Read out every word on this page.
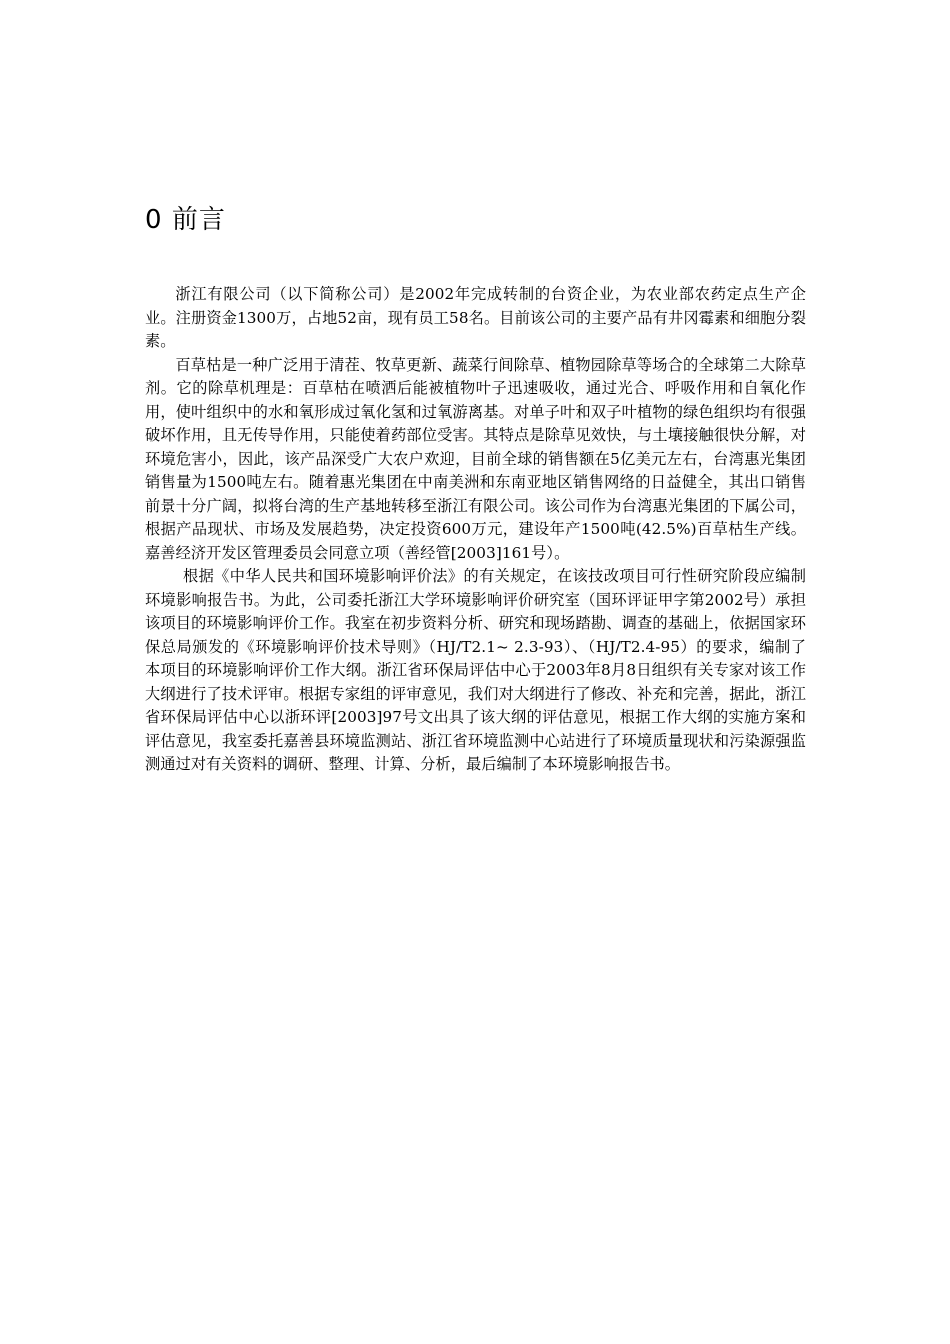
0 前言

浙江有限公司（以下简称公司）是2002年完成转制的台资企业，为农业部农药定点生产企业。注册资金1300万，占地52亩，现有员工58名。目前该公司的主要产品有井冈霉素和细胞分裂素。

百草枯是一种广泛用于清茬、牧草更新、蔬菜行间除草、植物园除草等场合的全球第二大除草剂。它的除草机理是：百草枯在喷洒后能被植物叶子迅速吸收，通过光合、呼吸作用和自氧化作用，使叶组织中的水和氧形成过氧化氢和过氧游离基。对单子叶和双子叶植物的绿色组织均有很强破坏作用，且无传导作用，只能使着药部位受害。其特点是除草见效快，与土壤接触很快分解，对环境危害小，因此，该产品深受广大农户欢迎，目前全球的销售额在5亿美元左右，台湾惠光集团销售量为1500吨左右。随着惠光集团在中南美洲和东南亚地区销售网络的日益健全，其出口销售前景十分广阔，拟将台湾的生产基地转移至浙江有限公司。该公司作为台湾惠光集团的下属公司，根据产品现状、市场及发展趋势，决定投资600万元，建设年产1500吨(42.5%)百草枯生产线。嘉善经济开发区管理委员会同意立项（善经管[2003]161号）。

根据《中华人民共和国环境影响评价法》的有关规定，在该技改项目可行性研究阶段应编制环境影响报告书。为此，公司委托浙江大学环境影响评价研究室（国环评证甲字第2002号）承担该项目的环境影响评价工作。我室在初步资料分析、研究和现场踏勘、调查的基础上，依据国家环保总局颁发的《环境影响评价技术导则》（HJ/T2.1~ 2.3-93）、（HJ/T2.4-95）的要求，编制了本项目的环境影响评价工作大纲。浙江省环保局评估中心于2003年8月8日组织有关专家对该工作大纲进行了技术评审。根据专家组的评审意见，我们对大纲进行了修改、补充和完善，据此，浙江省环保局评估中心以浙环评[2003]97号文出具了该大纲的评估意见，根据工作大纲的实施方案和评估意见，我室委托嘉善县环境监测站、浙江省环境监测中心站进行了环境质量现状和污染源强监测通过对有关资料的调研、整理、计算、分析，最后编制了本环境影响报告书。
